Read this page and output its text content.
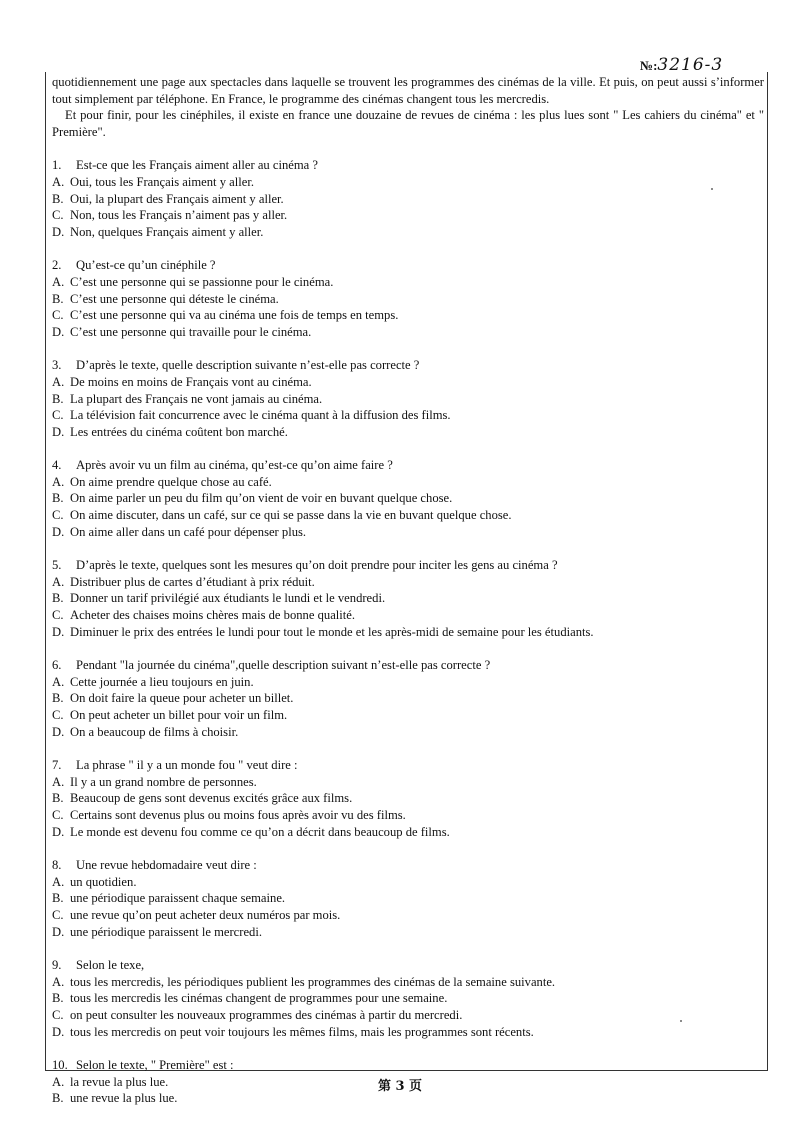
№:3216-3

quotidiennement une page aux spectacles dans laquelle se trouvent les programmes des cinémas de la ville. Et puis, on peut aussi s’informer tout simplement par téléphone. En France, le programme des cinémas changent tous les mercredis.

Et pour finir, pour les cinéphiles, il existe en france une douzaine de revues de cinéma : les plus lues sont " Les cahiers du cinéma" et " Première".

1.	Est-ce que les Français aiment aller au cinéma ?
A. Oui, tous les Français aiment y aller.
B. Oui, la plupart des Français aiment y aller.
C. Non, tous les Français n’aiment pas y aller.
D. Non, quelques Français aiment y aller.
2.	Qu’est-ce qu’un cinéphile ?
A. C’est une personne qui se passionne pour le cinéma.
B. C’est une personne qui déteste le cinéma.
C. C’est une personne qui va au cinéma une fois de temps en temps.
D. C’est une personne qui travaille pour le cinéma.
3.	D’après le texte, quelle description suivante n’est-elle pas correcte ?
A. De moins en moins de Français vont au cinéma.
B. La plupart des Français ne vont jamais au cinéma.
C. La télévision fait concurrence avec le cinéma quant à la diffusion des films.
D. Les entrées du cinéma coûtent bon marché.
4.	Après avoir vu un film au cinéma, qu’est-ce qu’on aime faire ?
A. On aime prendre quelque chose au café.
B. On aime parler un peu du film qu’on vient de voir en buvant quelque chose.
C. On aime discuter, dans un café, sur ce qui se passe dans la vie en buvant quelque chose.
D. On aime aller dans un café pour dépenser plus.
5.	D’après le texte, quelques sont les mesures qu’on doit prendre pour inciter les gens au cinéma ?
A. Distribuer plus de cartes d’étudiant à prix réduit.
B. Donner un tarif privilégié aux étudiants le lundi et le vendredi.
C. Acheter des chaises moins chères mais de bonne qualité.
D. Diminuer le prix des entrées le lundi pour tout le monde et les après-midi de semaine pour les étudiants.
6.	Pendant "la journée du cinéma",quelle description suivant n’est-elle pas correcte ?
A. Cette journée a lieu toujours en juin.
B. On doit faire la queue pour acheter un billet.
C. On peut acheter un billet pour voir un film.
D. On a beaucoup de films à choisir.
7.	La phrase " il y a un monde fou " veut dire :
A. Il y a un grand nombre de personnes.
B. Beaucoup de gens sont devenus excités grâce aux films.
C. Certains sont devenus plus ou moins fous après avoir vu des films.
D. Le monde est devenu fou comme ce qu’on a décrit dans beaucoup de films.
8.	Une revue hebdomadaire veut dire :
A. un quotidien.
B. une périodique paraissent chaque semaine.
C. une revue qu’on peut acheter deux numéros par mois.
D. une périodique paraissent le mercredi.
9.	Selon le texe,
A. tous les mercredis, les périodiques publient les programmes des cinémas de la semaine suivante.
B. tous les mercredis les cinémas changent de programmes pour une semaine.
C. on peut consulter les nouveaux programmes des cinémas à partir du mercredi.
D. tous les mercredis on peut voir toujours les mêmes films, mais les programmes sont récents.
10. Selon le texte, " Première" est :
A. la revue la plus lue.
B. une revue la plus lue.
第 3 页
